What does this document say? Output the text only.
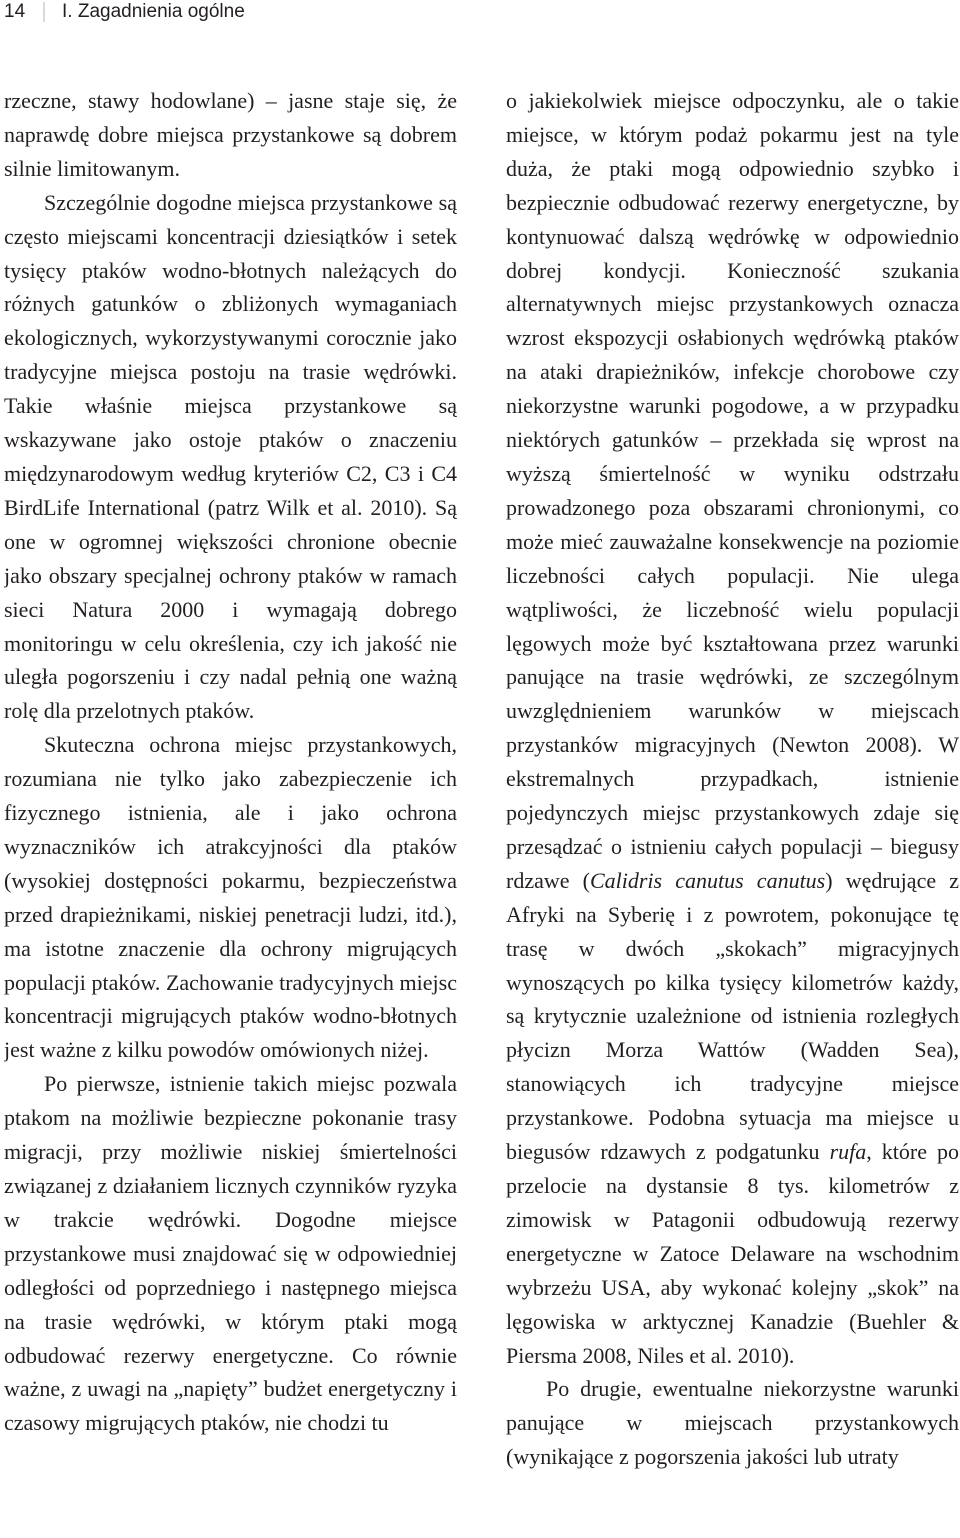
14 I. Zagadnienia ogólne

rzeczne, stawy hodowlane) – jasne staje się, że naprawdę dobre miejsca przystankowe są dobrem silnie limitowanym.

Szczególnie dogodne miejsca przystankowe są często miejscami koncentracji dziesiątków i setek tysięcy ptaków wodno-błotnych należących do różnych gatunków o zbliżonych wymaganiach ekologicznych, wykorzystywanymi corocznie jako tradycyjne miejsca postoju na trasie wędrówki. Takie właśnie miejsca przystankowe są wskazywane jako ostoje ptaków o znaczeniu międzynarodowym według kryteriów C2, C3 i C4 BirdLife International (patrz Wilk et al. 2010). Są one w ogromnej większości chronione obecnie jako obszary specjalnej ochrony ptaków w ramach sieci Natura 2000 i wymagają dobrego monitoringu w celu określenia, czy ich jakość nie uległa pogorszeniu i czy nadal pełnią one ważną rolę dla przelotnych ptaków.

Skuteczna ochrona miejsc przystankowych, rozumiana nie tylko jako zabezpieczenie ich fizycznego istnienia, ale i jako ochrona wyznaczników ich atrakcyjności dla ptaków (wysokiej dostępności pokarmu, bezpieczeństwa przed drapieżnikami, niskiej penetracji ludzi, itd.), ma istotne znaczenie dla ochrony migrujących populacji ptaków. Zachowanie tradycyjnych miejsc koncentracji migrujących ptaków wodno-błotnych jest ważne z kilku powodów omówionych niżej.

Po pierwsze, istnienie takich miejsc pozwala ptakom na możliwie bezpieczne pokonanie trasy migracji, przy możliwie niskiej śmiertelności związanej z działaniem licznych czynników ryzyka w trakcie wędrówki. Dogodne miejsce przystankowe musi znajdować się w odpowiedniej odległości od poprzedniego i następnego miejsca na trasie wędrówki, w którym ptaki mogą odbudować rezerwy energetyczne. Co równie ważne, z uwagi na „napięty” budżet energetyczny i czasowy migrujących ptaków, nie chodzi tu

o jakiekolwiek miejsce odpoczynku, ale o takie miejsce, w którym podaż pokarmu jest na tyle duża, że ptaki mogą odpowiednio szybko i bezpiecznie odbudować rezerwy energetyczne, by kontynuować dalszą wędrówkę w odpowiednio dobrej kondycji. Konieczność szukania alternatywnych miejsc przystankowych oznacza wzrost ekspozycji osłabionych wędrówką ptaków na ataki drapieżników, infekcje chorobowe czy niekorzystne warunki pogodowe, a w przypadku niektórych gatunków – przekłada się wprost na wyższą śmiertelność w wyniku odstrzału prowadzonego poza obszarami chronionymi, co może mieć zauważalne konsekwencje na poziomie liczebności całych populacji. Nie ulega wątpliwości, że liczebność wielu populacji lęgowych może być kształtowana przez warunki panujące na trasie wędrówki, ze szczególnym uwzględnieniem warunków w miejscach przystanków migracyjnych (Newton 2008). W ekstremalnych przypadkach, istnienie pojedynczych miejsc przystankowych zdaje się przesądzać o istnieniu całych populacji – biegusy rdzawe (Calidris canutus canutus) wędrujące z Afryki na Syberię i z powrotem, pokonujące tę trasę w dwóch „skokach” migracyjnych wynoszących po kilka tysięcy kilometrów każdy, są krytycznie uzależnione od istnienia rozległych płycizn Morza Wattów (Wadden Sea), stanowiących ich tradycyjne miejsce przystankowe. Podobna sytuacja ma miejsce u biegusów rdzawych z podgatunku rufa, które po przelocie na dystansie 8 tys. kilometrów z zimowisk w Patagonii odbudowują rezerwy energetyczne w Zatoce Delaware na wschodnim wybrzeżu USA, aby wykonać kolejny „skok” na lęgowiska w arktycznej Kanadzie (Buehler & Piersma 2008, Niles et al. 2010).

Po drugie, ewentualne niekorzystne warunki panujące w miejscach przystankowych (wynikające z pogorszenia jakości lub utraty
